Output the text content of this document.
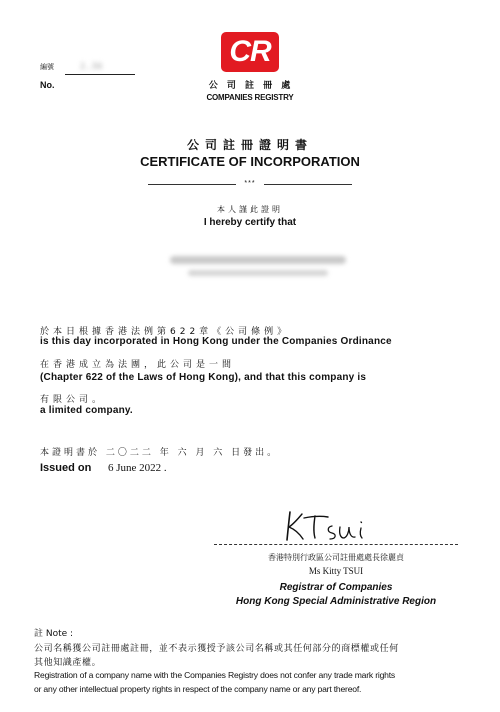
編號	2...56
No.
CR
公 司 註 冊 處
COMPANIES REGISTRY
公司註冊證明書
CERTIFICATE OF INCORPORATION
***
本人謹此證明
I hereby certify that
於本日根據香港法例第622章《公司條例》
is this day incorporated in Hong Kong under the Companies Ordinance
在香港成立為法團，此公司是一間
(Chapter 622 of the Laws of Hong Kong), and that this company is
有限公司。
a limited company.
本證明書於 二〇二二 年 六 月 六 日發出。
Issued on 6 June 2022 .
K Tsui
香港特別行政區公司註冊處處長徐麗貞
Ms Kitty TSUI
Registrar of Companies
Hong Kong Special Administrative Region
註 Note :
公司名稱獲公司註冊處註冊，並不表示獲授予該公司名稱或其任何部分的商標權或任何
其他知識產權。
Registration of a company name with the Companies Registry does not confer any trade mark rights
or any other intellectual property rights in respect of the company name or any part thereof.
